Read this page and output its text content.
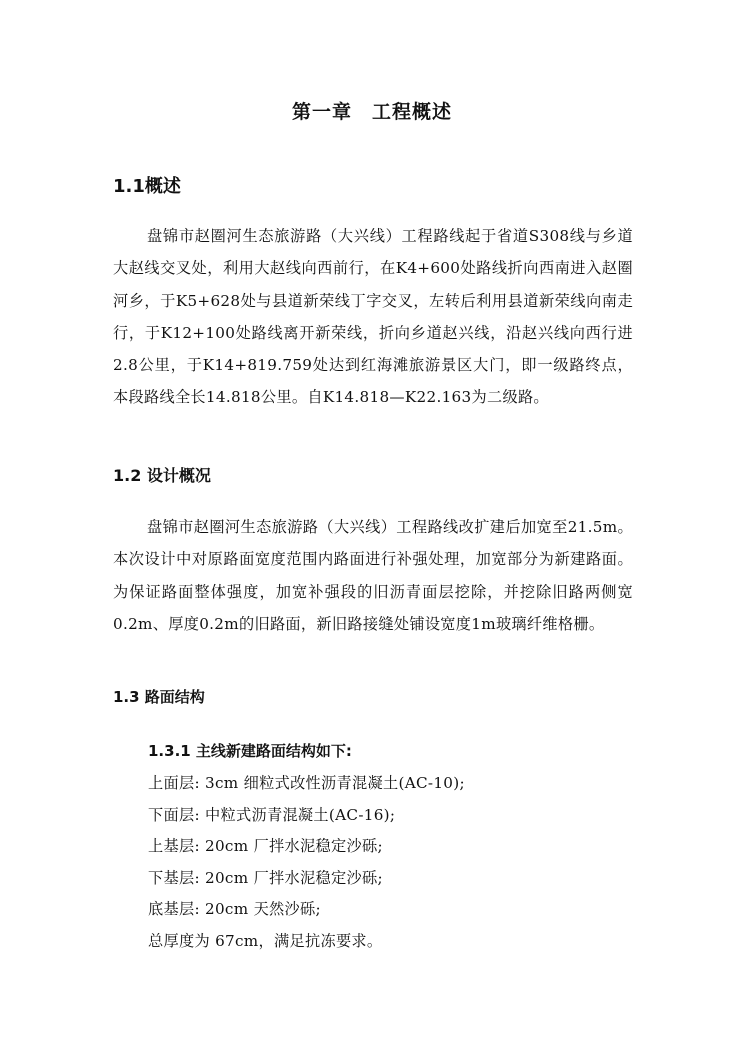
第一章　工程概述
1.1概述

盘锦市赵圈河生态旅游路（大兴线）工程路线起于省道S308线与乡道大赵线交叉处，利用大赵线向西前行，在K4+600处路线折向西南进入赵圈河乡，于K5+628处与县道新荣线丁字交叉，左转后利用县道新荣线向南走行，于K12+100处路线离开新荣线，折向乡道赵兴线，沿赵兴线向西行进2.8公里，于K14+819.759处达到红海滩旅游景区大门，即一级路终点，本段路线全长14.818公里。自K14.818—K22.163为二级路。

1.2 设计概况

盘锦市赵圈河生态旅游路（大兴线）工程路线改扩建后加宽至21.5m。本次设计中对原路面宽度范围内路面进行补强处理，加宽部分为新建路面。为保证路面整体强度，加宽补强段的旧沥青面层挖除，并挖除旧路两侧宽0.2m、厚度0.2m的旧路面，新旧路接缝处铺设宽度1m玻璃纤维格栅。

1.3 路面结构
1.3.1 主线新建路面结构如下:
上面层: 3cm 细粒式改性沥青混凝土(AC-10);
下面层: 中粒式沥青混凝土(AC-16);
上基层: 20cm 厂拌水泥稳定沙砾;
下基层: 20cm 厂拌水泥稳定沙砾;
底基层: 20cm 天然沙砾;
总厚度为 67cm，满足抗冻要求。
